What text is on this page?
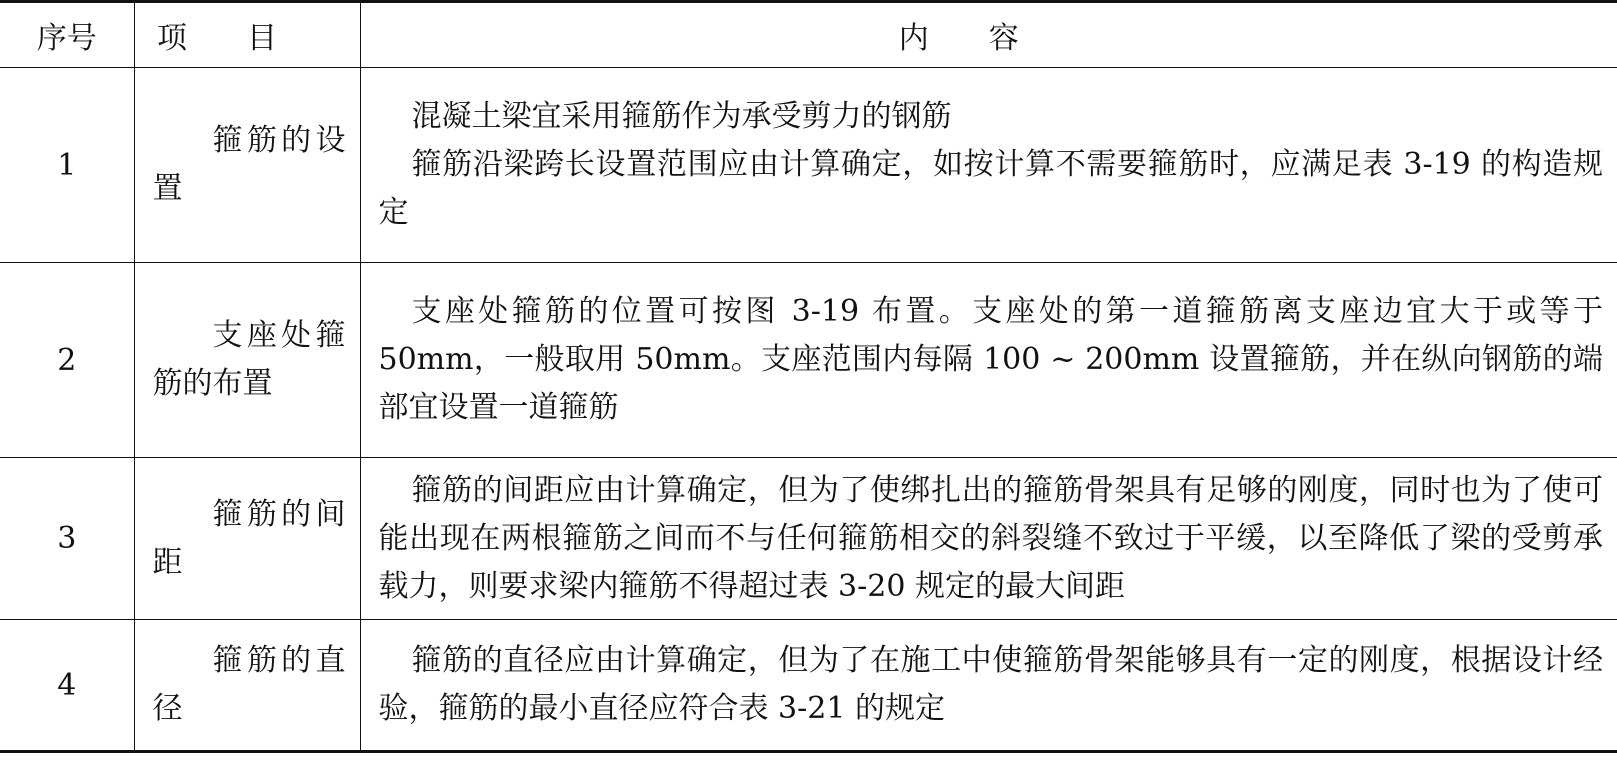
序号	项目	内容
1	箍筋的设置	混凝土梁宜采用箍筋作为承受剪力的钢筋

箍筋沿梁跨长设置范围应由计算确定，如按计算不需要箍筋时，应满足表 3-19 的构造规定

2	支座处箍筋的布置	支座处箍筋的位置可按图 3-19 布置。支座处的第一道箍筋离支座边宜大于或等于 50mm，一般取用 50mm。支座范围内每隔 100 ~ 200mm 设置箍筋，并在纵向钢筋的端部宜设置一道箍筋

3	箍筋的间距	箍筋的间距应由计算确定，但为了使绑扎出的箍筋骨架具有足够的刚度，同时也为了使可能出现在两根箍筋之间而不与任何箍筋相交的斜裂缝不致过于平缓，以至降低了梁的受剪承载力，则要求梁内箍筋不得超过表 3-20 规定的最大间距

4	箍筋的直径	箍筋的直径应由计算确定，但为了在施工中使箍筋骨架能够具有一定的刚度，根据设计经验，箍筋的最小直径应符合表 3-21 的规定
